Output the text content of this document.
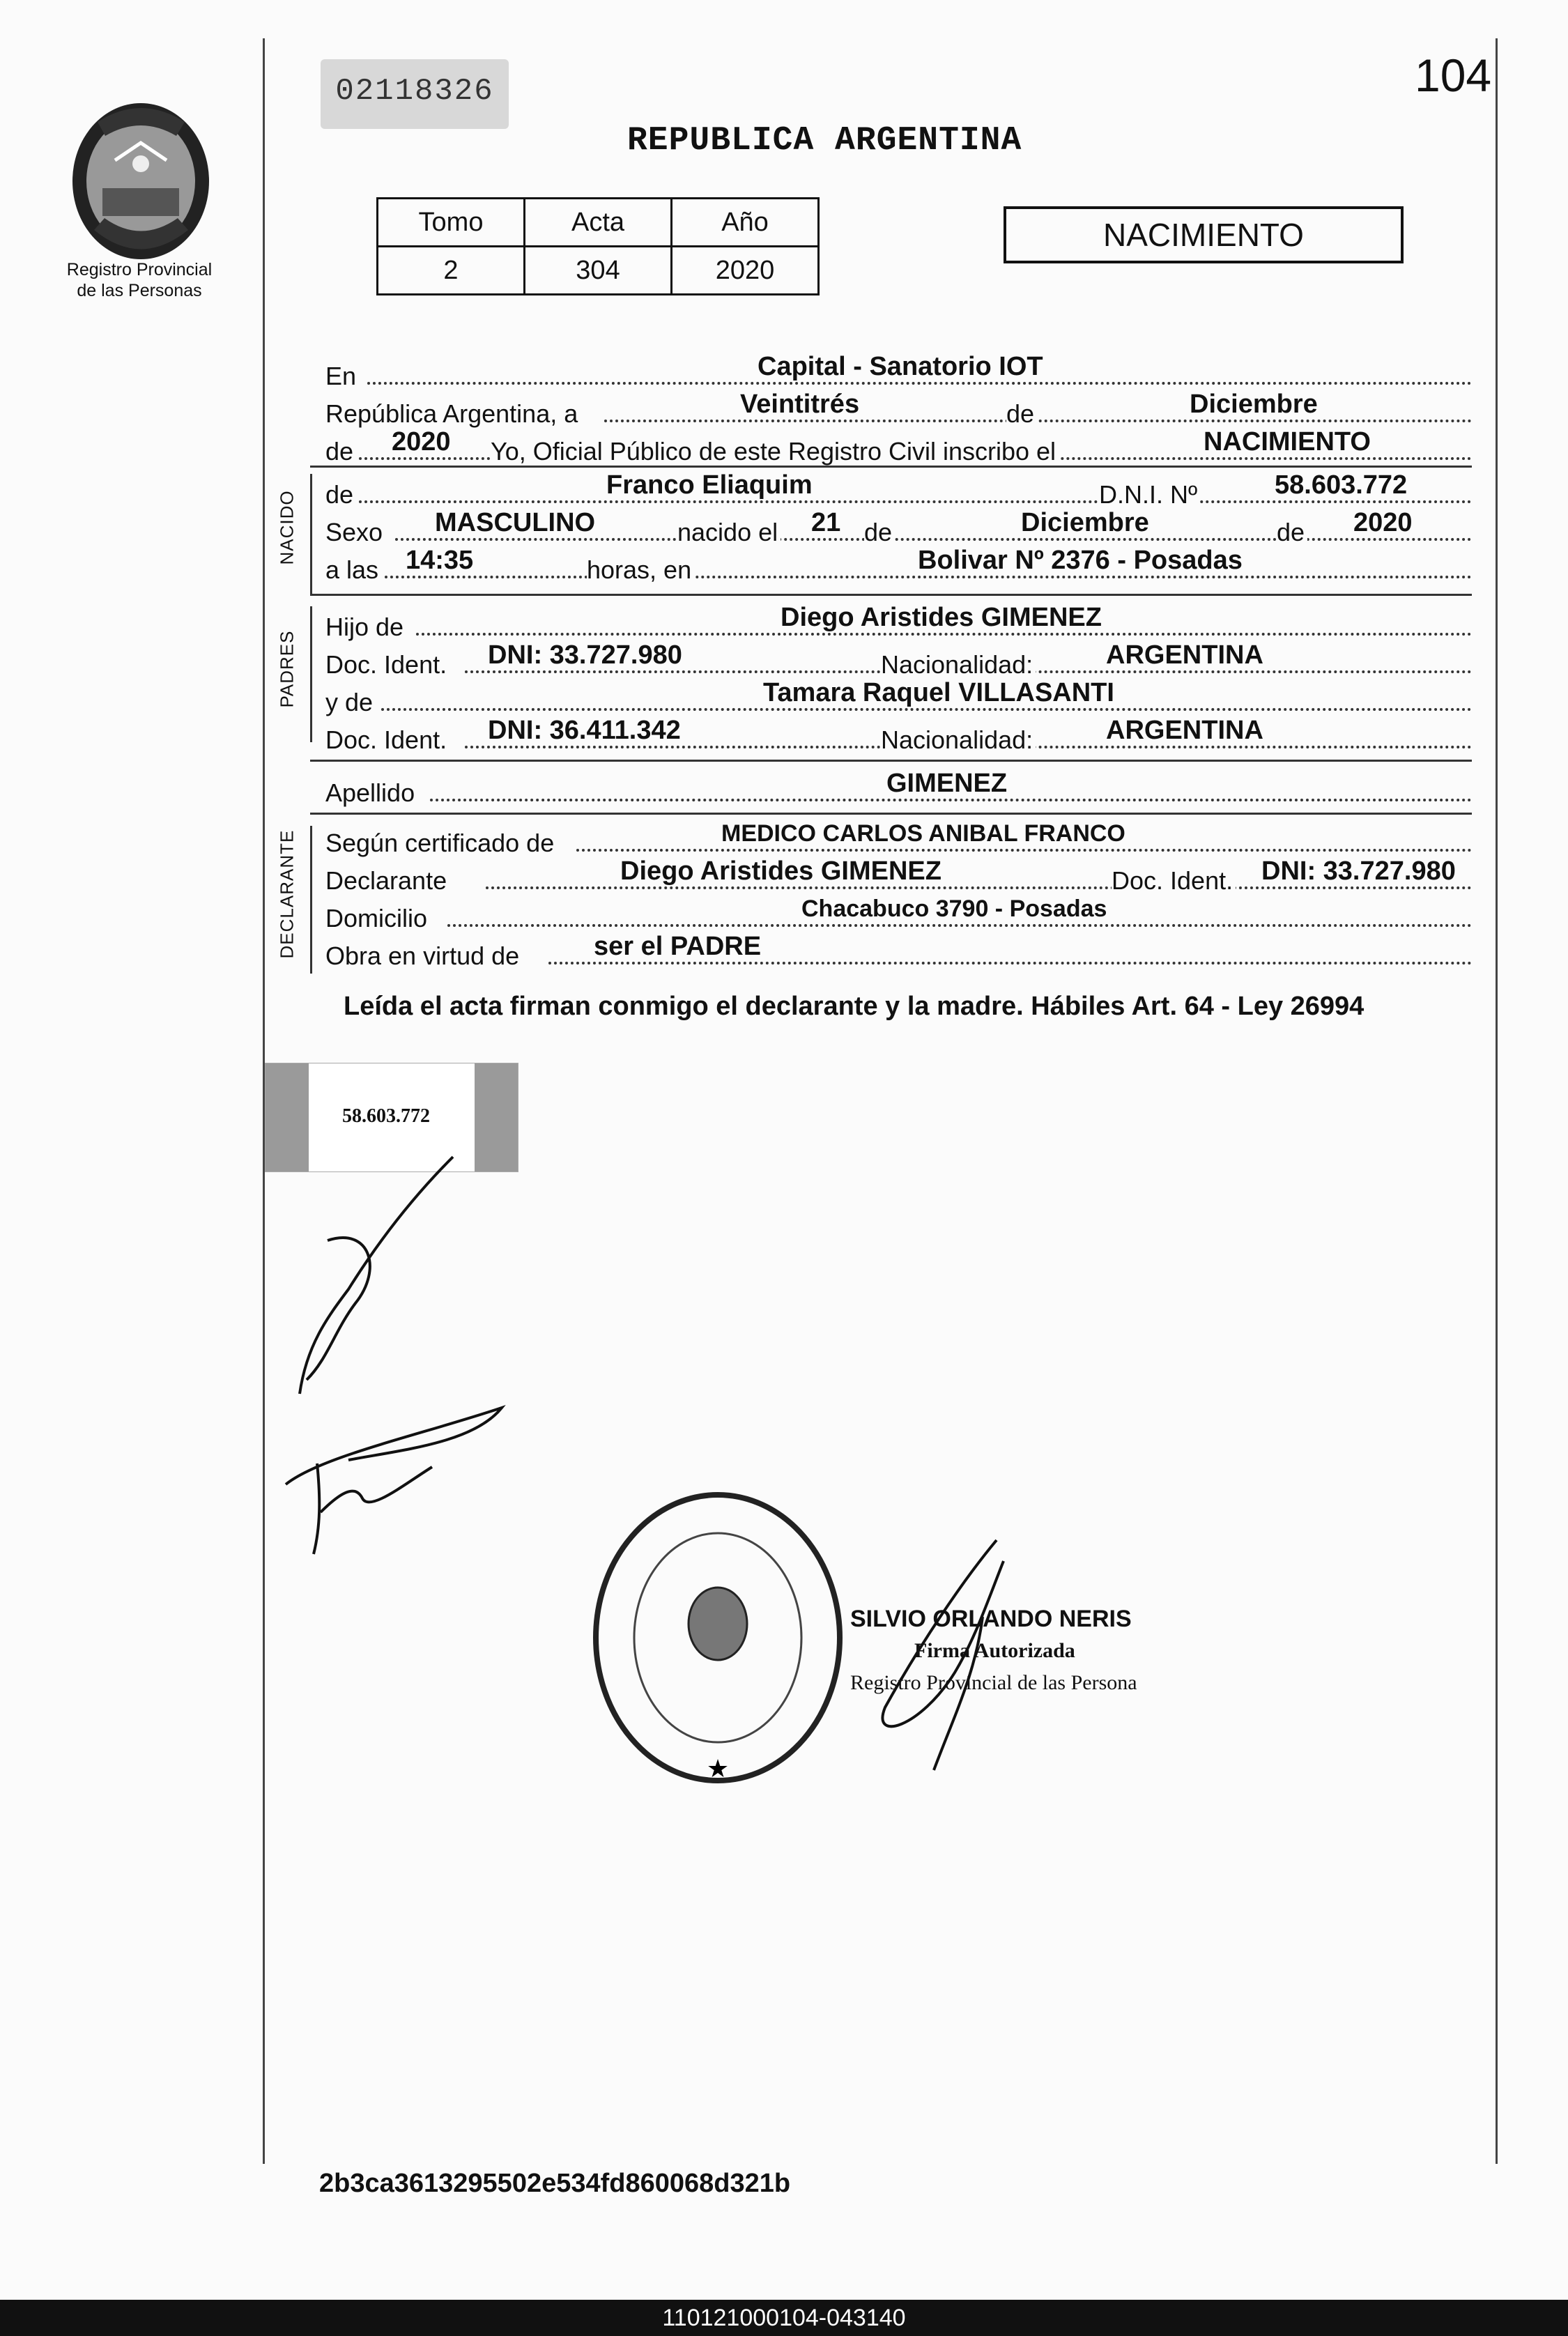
Registro Provincial
de las Personas
02118326	104
REPUBLICA ARGENTINA
Tomo	Acta	Año
2	304	2020
NACIMIENTO
En	Capital - Sanatorio IOT
República Argentina, a	Veintitrés	de	Diciembre
de 2020 Yo, Oficial Público de este Registro Civil inscribo el	NACIMIENTO
NACIDO de	Franco Eliaquim	D.N.I. Nº	58.603.772
Sexo MASCULINO	nacido el 21 de	Diciembre	de 2020
a las 14:35	horas, en	Bolivar Nº 2376 - Posadas
PADRES
Hijo de	Diego Aristides GIMENEZ
Doc. Ident. DNI: 33.727.980	Nacionalidad:	ARGENTINA
y de	Tamara Raquel VILLASANTI
Doc. Ident. DNI: 36.411.342	Nacionalidad:	ARGENTINA
Apellido	GIMENEZ
DECLARANTE Según certificado de	MEDICO CARLOS ANIBAL FRANCO
Declarante	Diego Aristides GIMENEZ	Doc. Ident. DNI: 33.727.980
Domicilio	Chacabuco 3790 - Posadas
Obra en virtud de	ser el PADRE
Leída el acta firman conmigo el declarante y la madre. Hábiles Art. 64 - Ley 26994
58.603.772
★
SILVIO ORLANDO NERIS
Firma Autorizada
Registro Provincial de las Persona
2b3ca3613295502e534fd860068d321b
110121000104-043140
